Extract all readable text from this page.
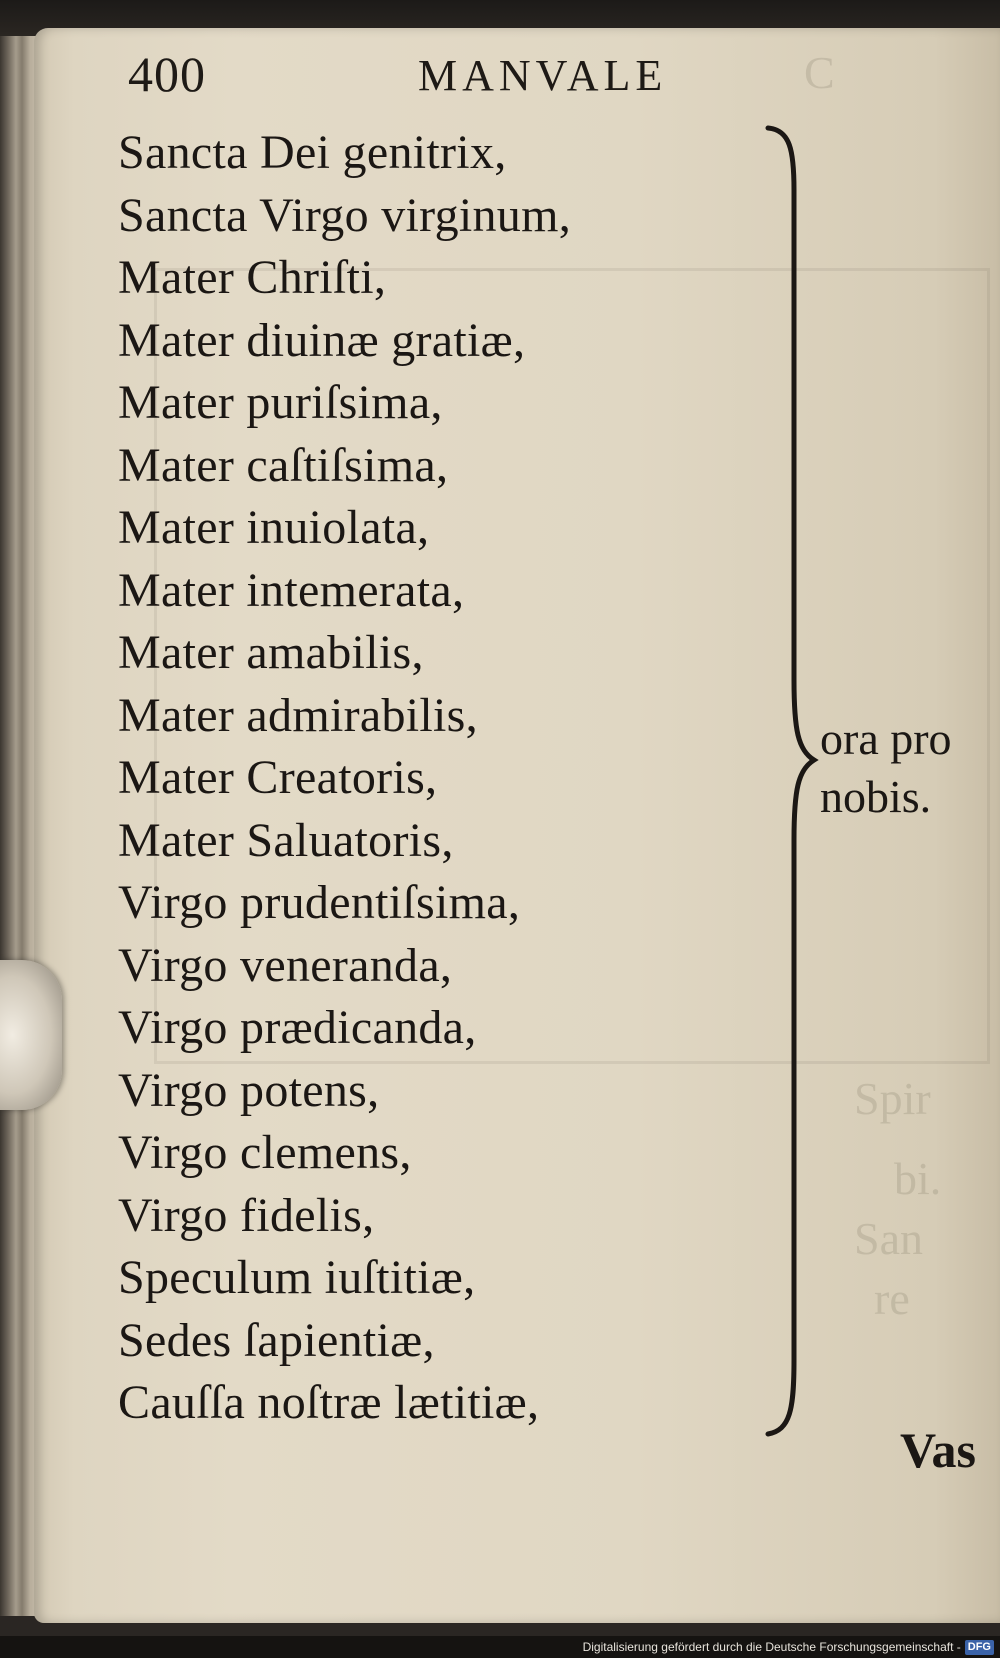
C
Spir
bi.
San
re
400	MANVALE
Sancta Dei genitrix,
Sancta Virgo virginum,
Mater Chriſti,
Mater diuinæ gratiæ,
Mater puriſsima,
Mater caſtiſsima,
Mater inuiolata,
Mater intemerata,
Mater amabilis,
Mater admirabilis,
Mater Creatoris,
Mater Saluatoris,
Virgo prudentiſsima,
Virgo veneranda,
Virgo prædicanda,
Virgo potens,
Virgo clemens,
Virgo fidelis,
Speculum iuſtitiæ,
Sedes ſapientiæ,
Cauſſa noſtræ lætitiæ,
ora pro
nobis.
Vas
Digitalisierung gefördert durch die Deutsche Forschungsgemeinschaft - DFG
